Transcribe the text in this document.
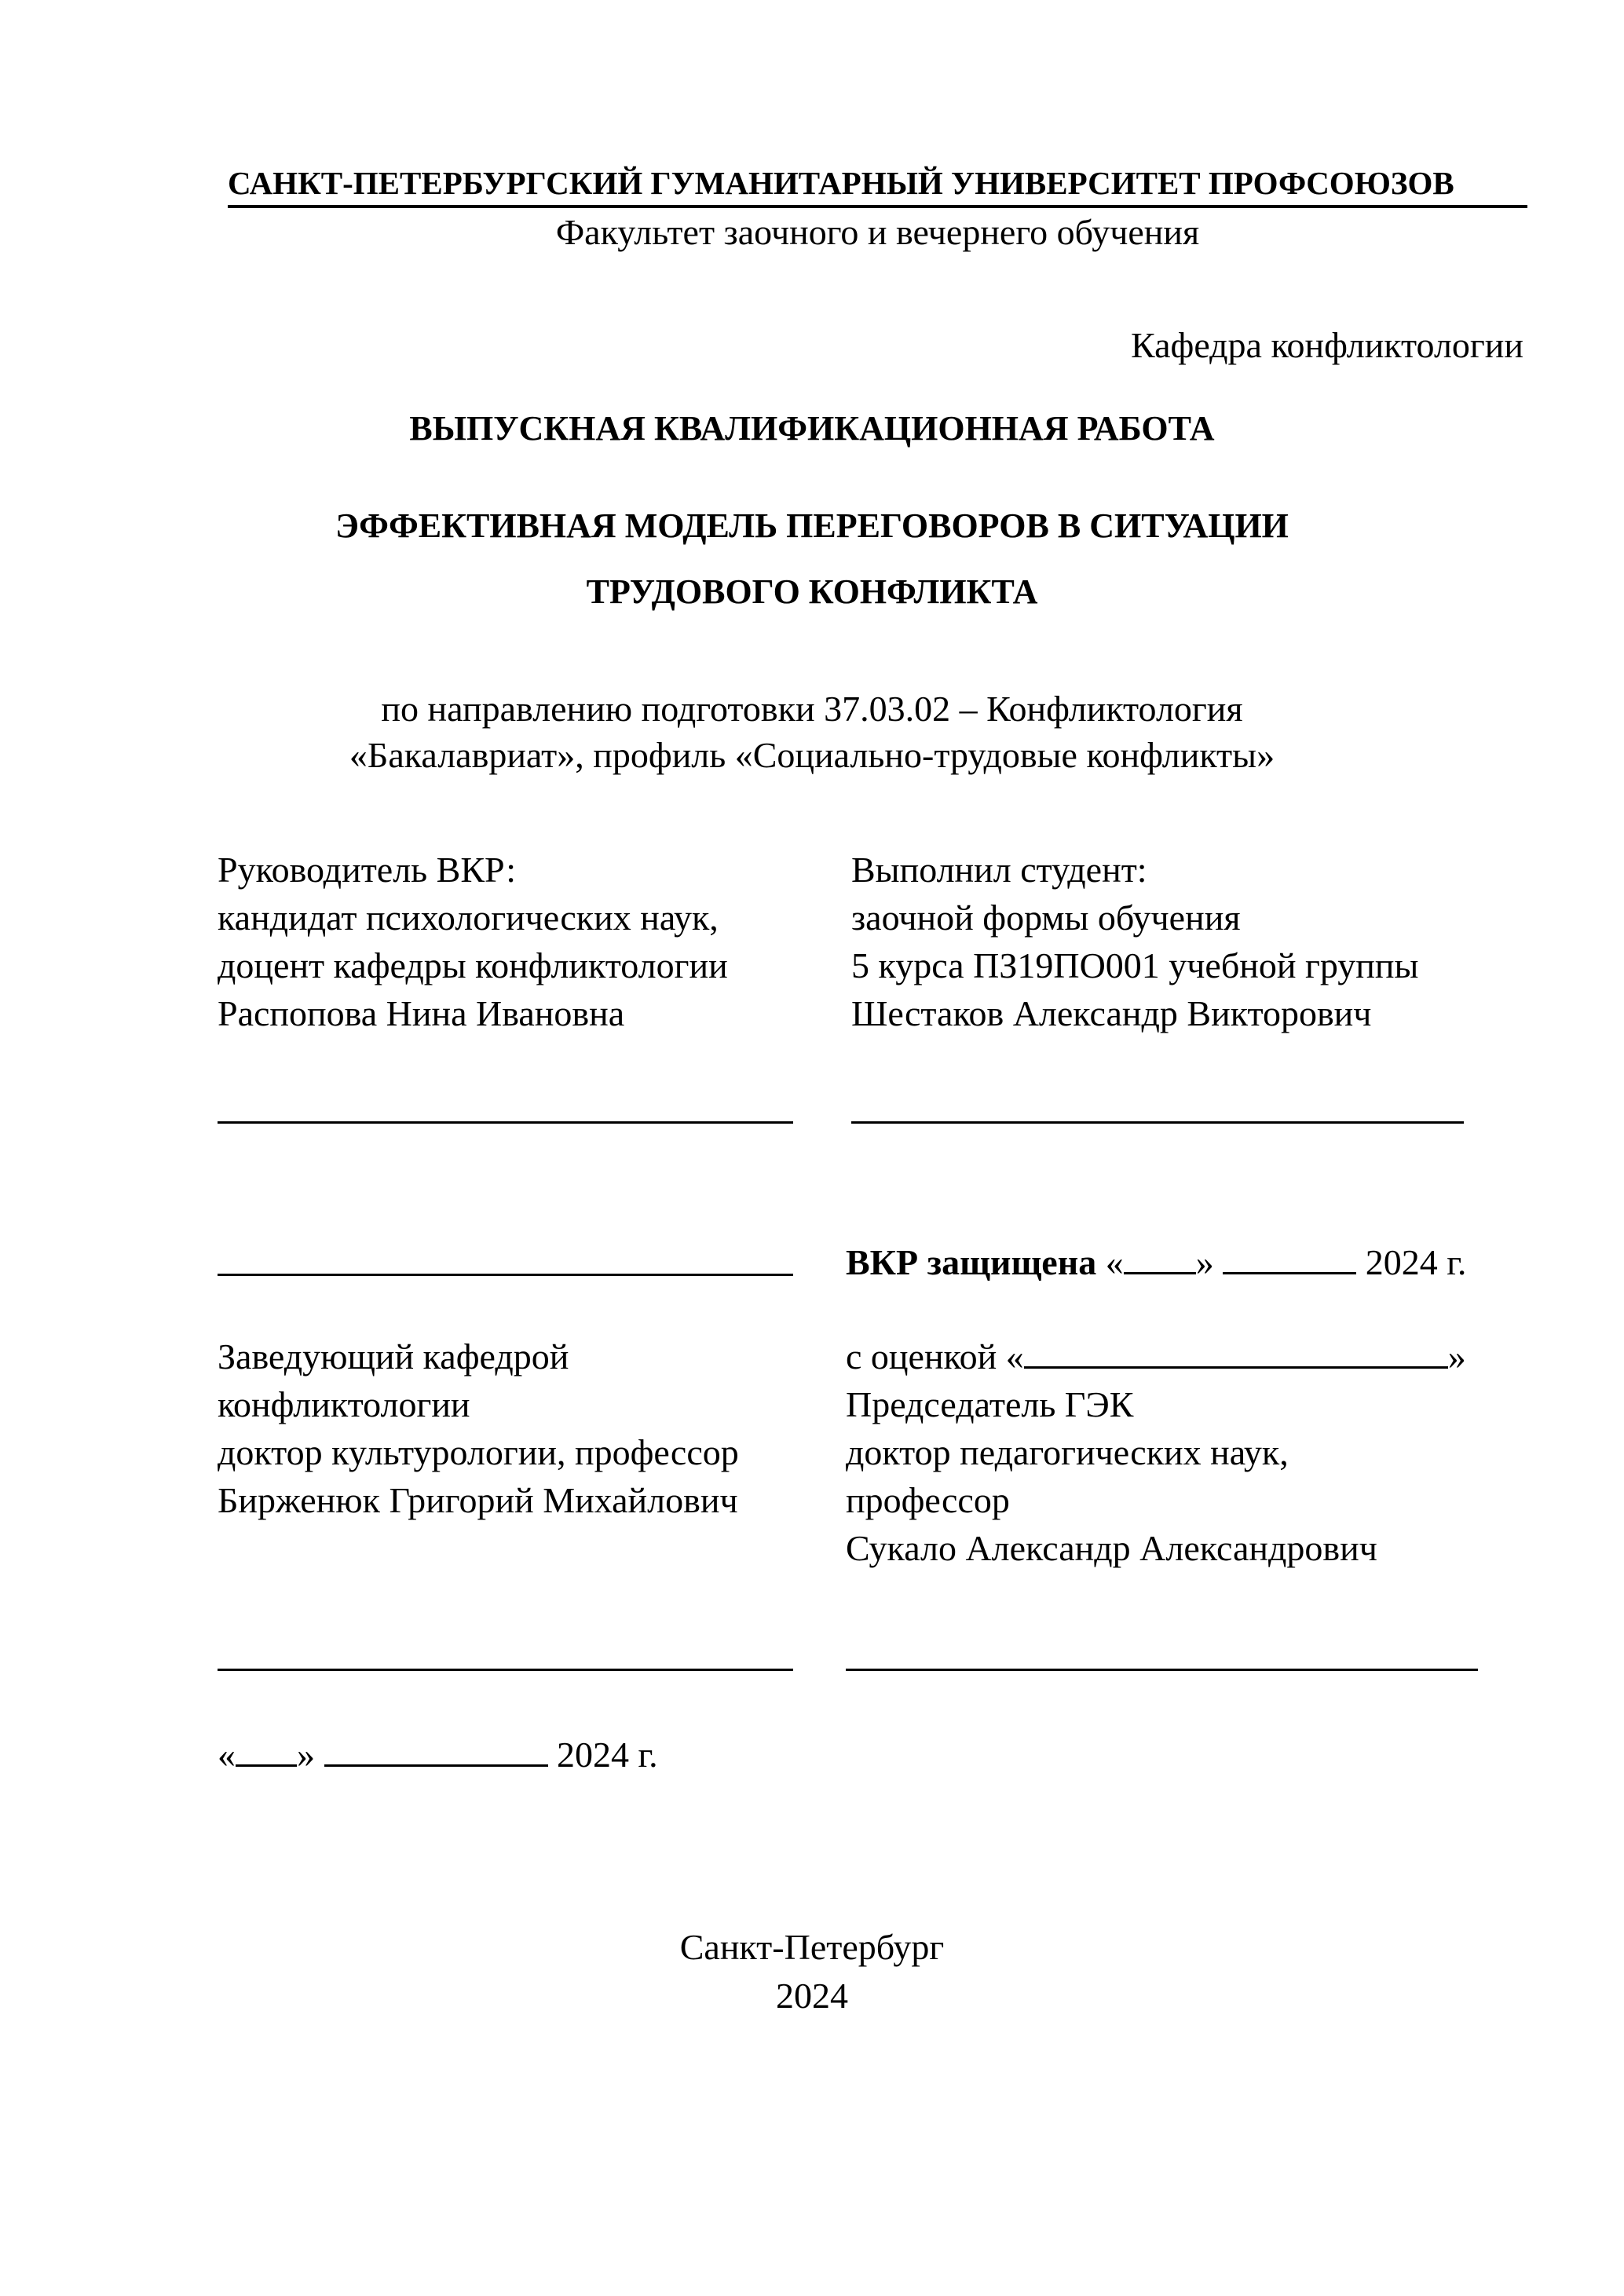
САНКТ-ПЕТЕРБУРГСКИЙ ГУМАНИТАРНЫЙ УНИВЕРСИТЕТ ПРОФСОЮЗОВ
Факультет заочного и вечернего обучения
Кафедра конфликтологии
ВЫПУСКНАЯ КВАЛИФИКАЦИОННАЯ РАБОТА
ЭФФЕКТИВНАЯ МОДЕЛЬ ПЕРЕГОВОРОВ В СИТУАЦИИ
ТРУДОВОГО КОНФЛИКТА
по направлению подготовки 37.03.02 – Конфликтология
«Бакалавриат», профиль «Социально-трудовые конфликты»
Руководитель ВКР:
кандидат психологических наук,
доцент кафедры конфликтологии
Распопова Нина Ивановна
Выполнил студент:
заочной формы обучения
5 курса ПЗ19ПО001 учебной группы
Шестаков Александр Викторович
ВКР защищена « »	2024 г.
Заведующий кафедрой
конфликтологии
доктор культурологии, профессор
Бирженюк Григорий Михайлович
с оценкой «	»
Председатель ГЭК
доктор педагогических наук,
профессор
Сукало Александр Александрович
« »	2024 г.
Санкт-Петербург
2024
